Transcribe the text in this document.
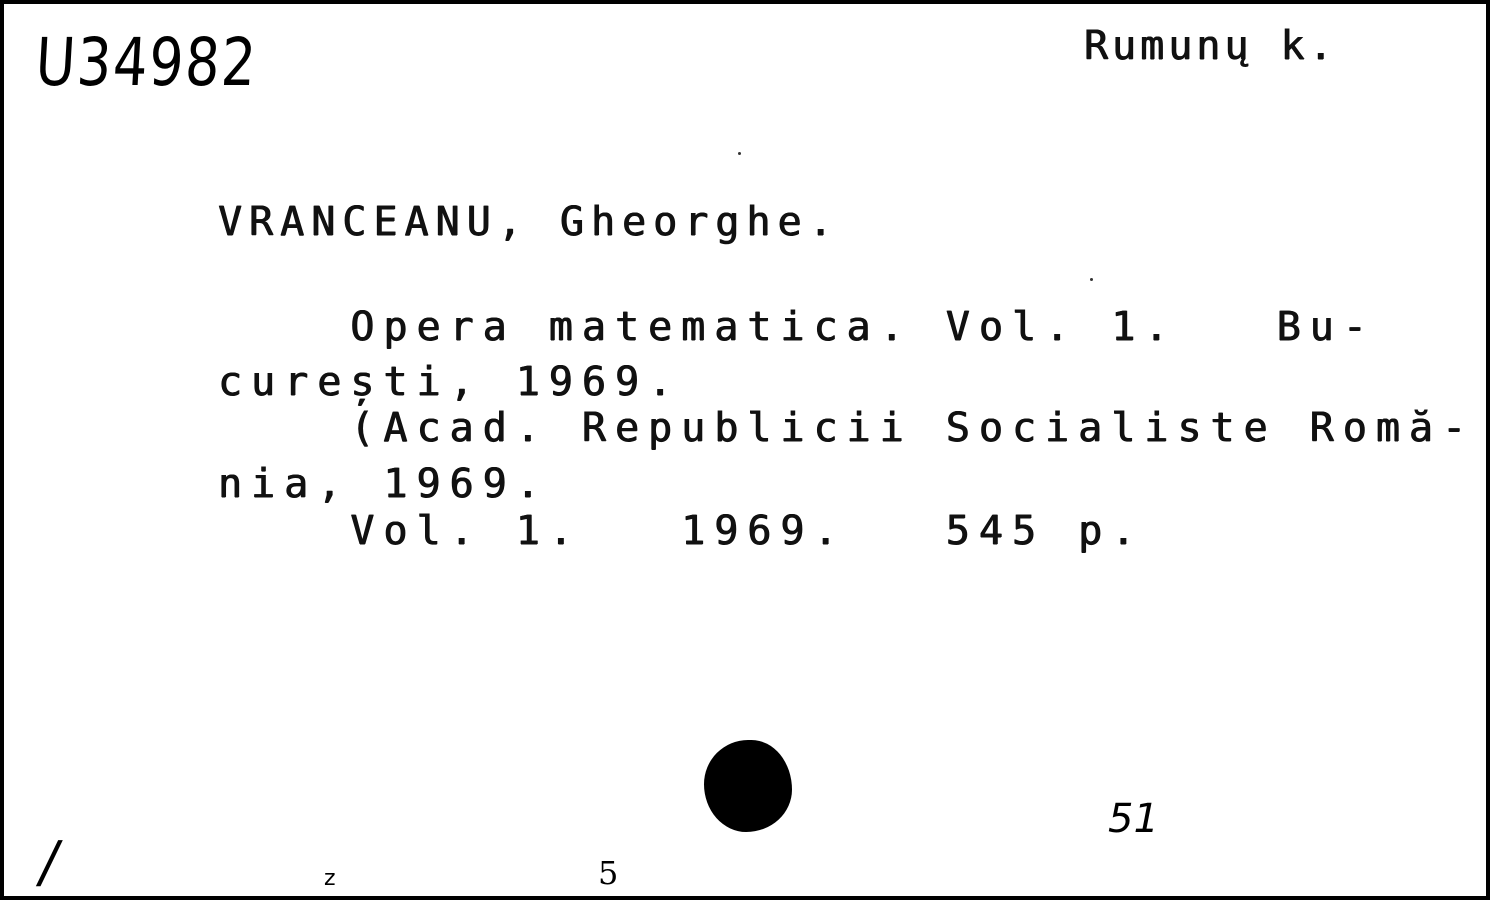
U34982	Rumunų k.
VRANCEANU, Gheorghe.
Opera matematica. Vol. 1.   Bu-
curești, 1969.
(Acad. Republicii Socialiste Romă-
nia, 1969.
Vol. 1.   1969.   545 p.
51
/	z	5
